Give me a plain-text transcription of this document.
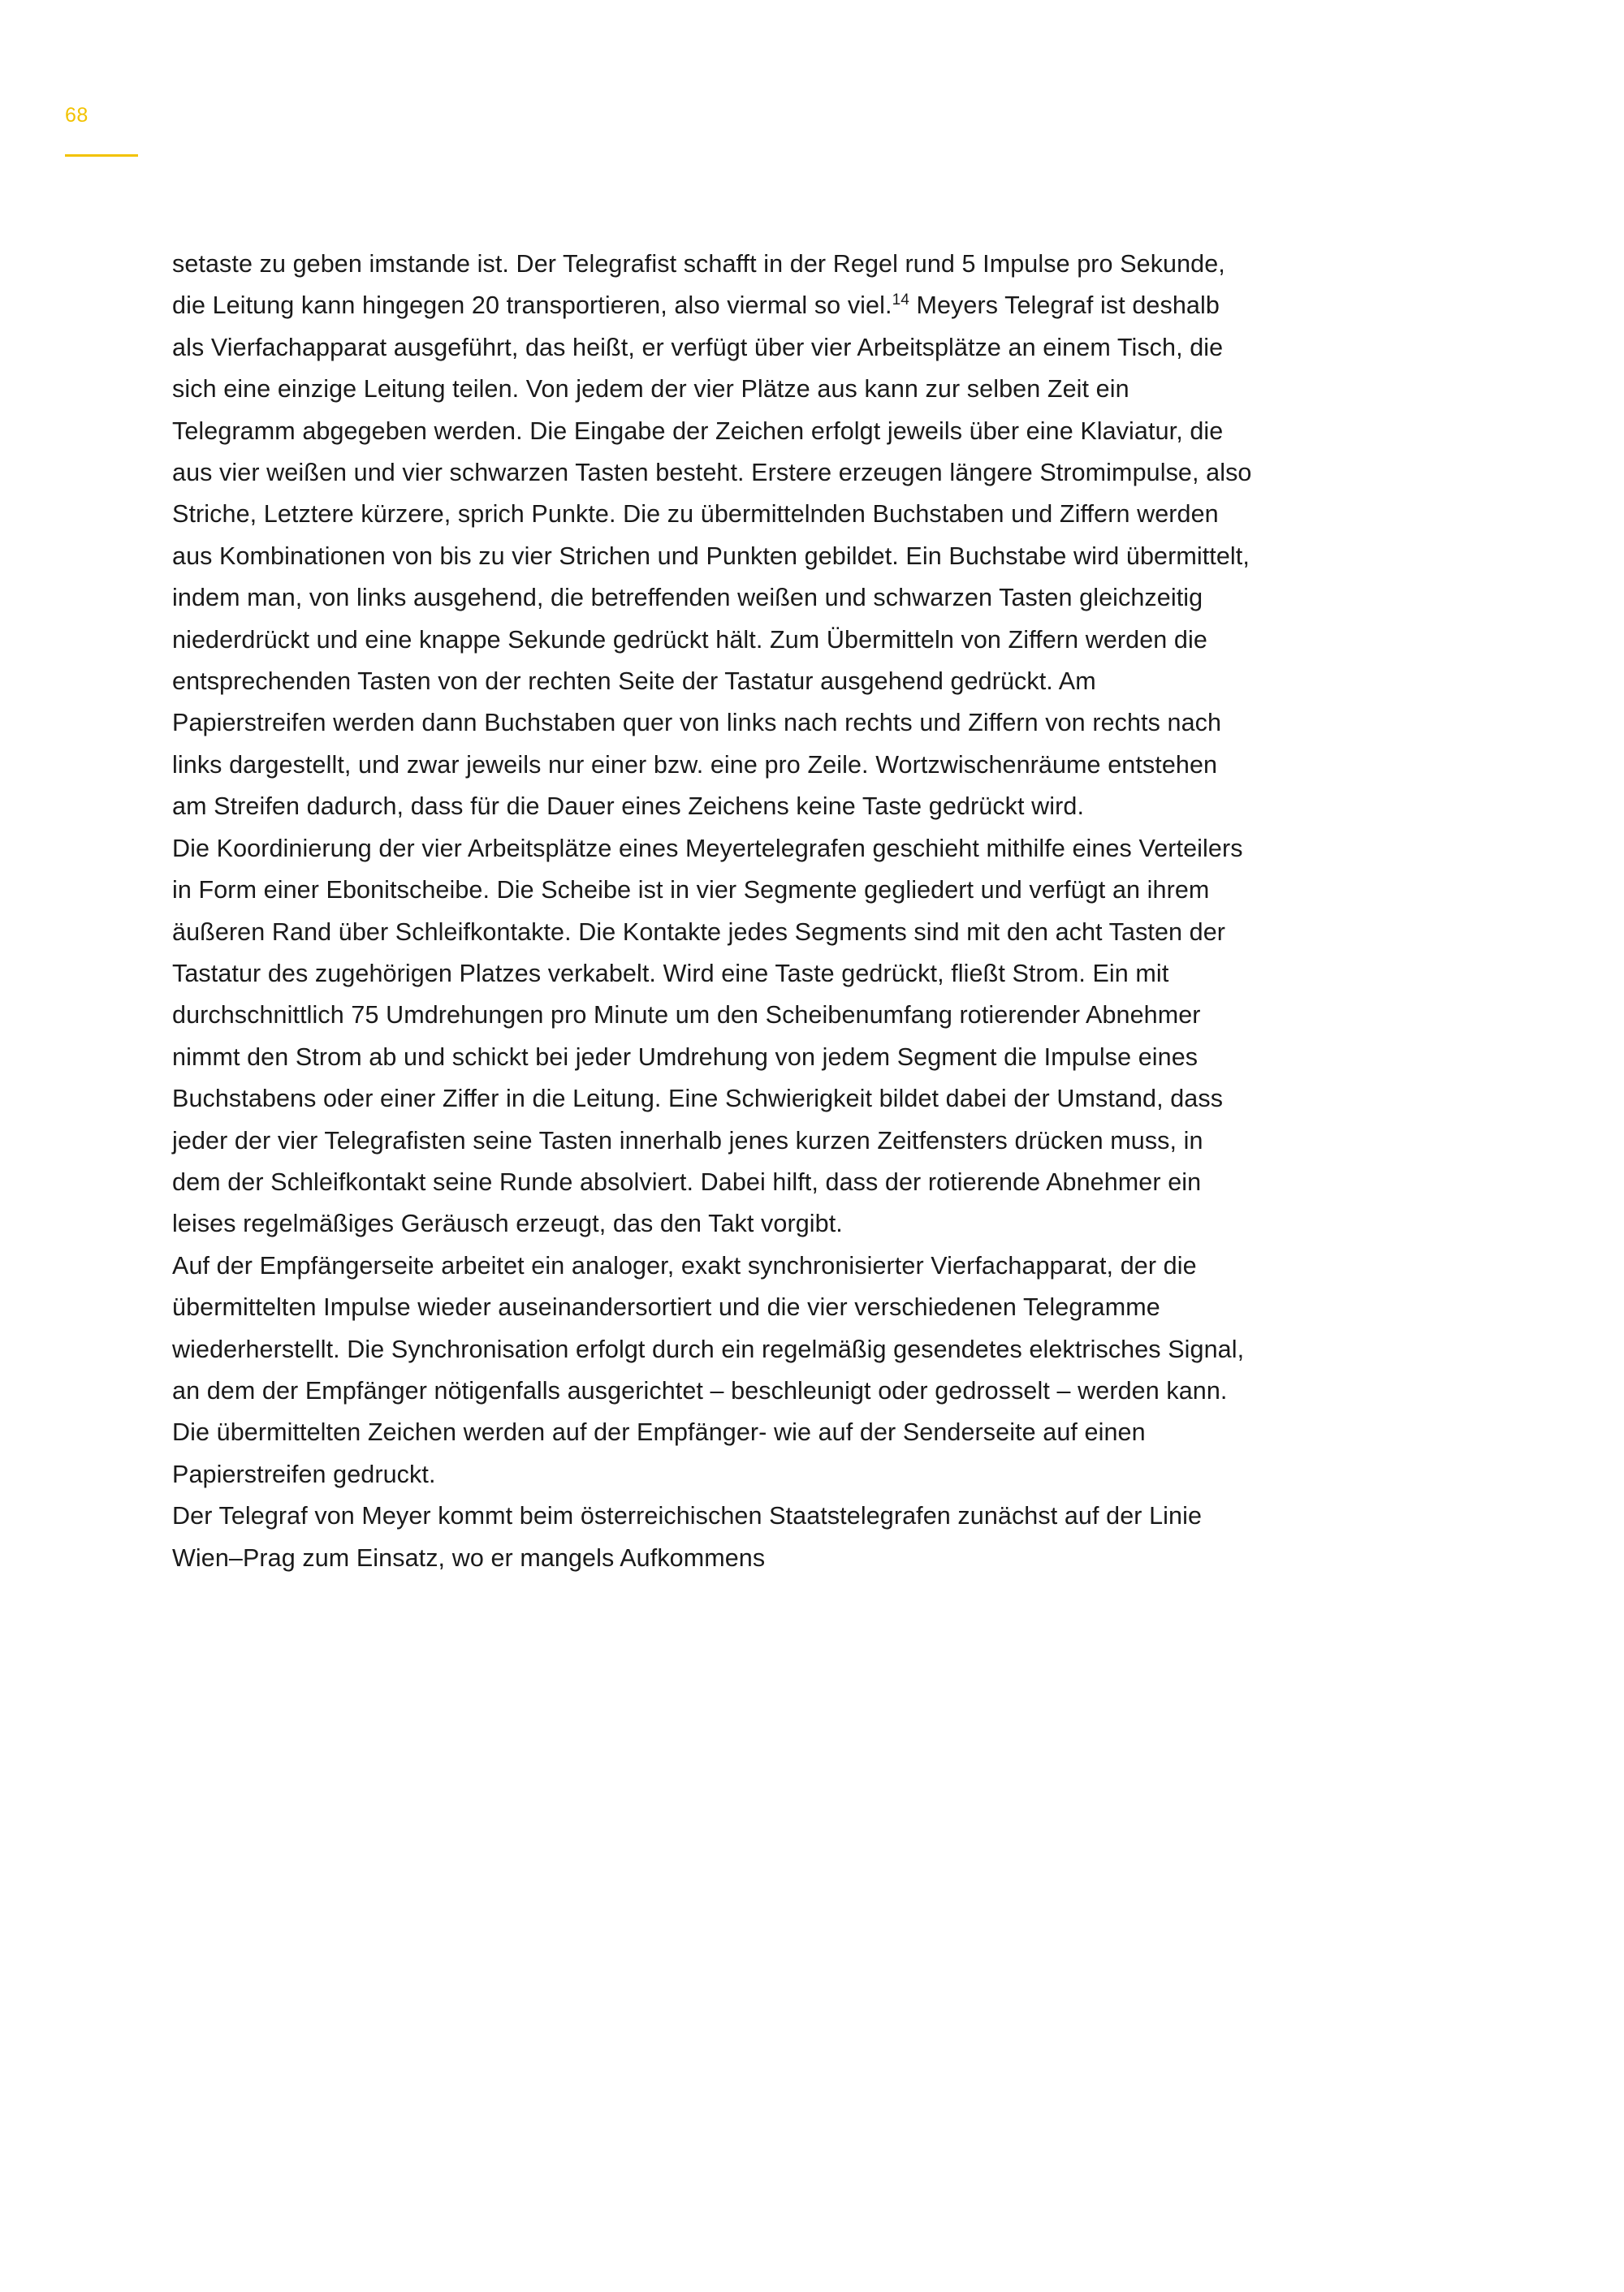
68

setaste zu geben imstande ist. Der Telegrafist schafft in der Regel rund 5 Impulse pro Sekunde, die Leitung kann hingegen 20 transportieren, also viermal so viel.$^{14}$ Meyers Telegraf ist deshalb als Vierfachapparat ausgeführt, das heißt, er verfügt über vier Arbeitsplätze an einem Tisch, die sich eine einzige Leitung teilen. Von jedem der vier Plätze aus kann zur selben Zeit ein Telegramm abgegeben werden. Die Eingabe der Zeichen erfolgt jeweils über eine Klaviatur, die aus vier weißen und vier schwarzen Tasten besteht. Erstere erzeugen längere Stromimpulse, also Striche, Letztere kürzere, sprich Punkte. Die zu übermittelnden Buchstaben und Ziffern werden aus Kombinationen von bis zu vier Strichen und Punkten gebildet. Ein Buchstabe wird übermittelt, indem man, von links ausgehend, die betreffenden weißen und schwarzen Tasten gleichzeitig niederdrückt und eine knappe Sekunde gedrückt hält. Zum Übermitteln von Ziffern werden die entsprechenden Tasten von der rechten Seite der Tastatur ausgehend gedrückt. Am Papierstreifen werden dann Buchstaben quer von links nach rechts und Ziffern von rechts nach links dargestellt, und zwar jeweils nur einer bzw. eine pro Zeile. Wortzwischenräume entstehen am Streifen dadurch, dass für die Dauer eines Zeichens keine Taste gedrückt wird.

Die Koordinierung der vier Arbeitsplätze eines Meyertelegrafen geschieht mithilfe eines Verteilers in Form einer Ebonitscheibe. Die Scheibe ist in vier Segmente gegliedert und verfügt an ihrem äußeren Rand über Schleifkontakte. Die Kontakte jedes Segments sind mit den acht Tasten der Tastatur des zugehörigen Platzes verkabelt. Wird eine Taste gedrückt, fließt Strom. Ein mit durchschnittlich 75 Umdrehungen pro Minute um den Scheibenumfang rotierender Abnehmer nimmt den Strom ab und schickt bei jeder Umdrehung von jedem Segment die Impulse eines Buchstabens oder einer Ziffer in die Leitung. Eine Schwierigkeit bildet dabei der Umstand, dass jeder der vier Telegrafisten seine Tasten innerhalb jenes kurzen Zeitfensters drücken muss, in dem der Schleifkontakt seine Runde absolviert. Dabei hilft, dass der rotierende Abnehmer ein leises regelmäßiges Geräusch erzeugt, das den Takt vorgibt.

Auf der Empfängerseite arbeitet ein analoger, exakt synchronisierter Vierfachapparat, der die übermittelten Impulse wieder auseinandersortiert und die vier verschiedenen Telegramme wiederherstellt. Die Synchronisation erfolgt durch ein regelmäßig gesendetes elektrisches Signal, an dem der Empfänger nötigenfalls ausgerichtet – beschleunigt oder gedrosselt – werden kann. Die übermittelten Zeichen werden auf der Empfänger- wie auf der Senderseite auf einen Papierstreifen gedruckt.

Der Telegraf von Meyer kommt beim österreichischen Staatstelegrafen zunächst auf der Linie Wien–Prag zum Einsatz, wo er mangels Aufkommens
